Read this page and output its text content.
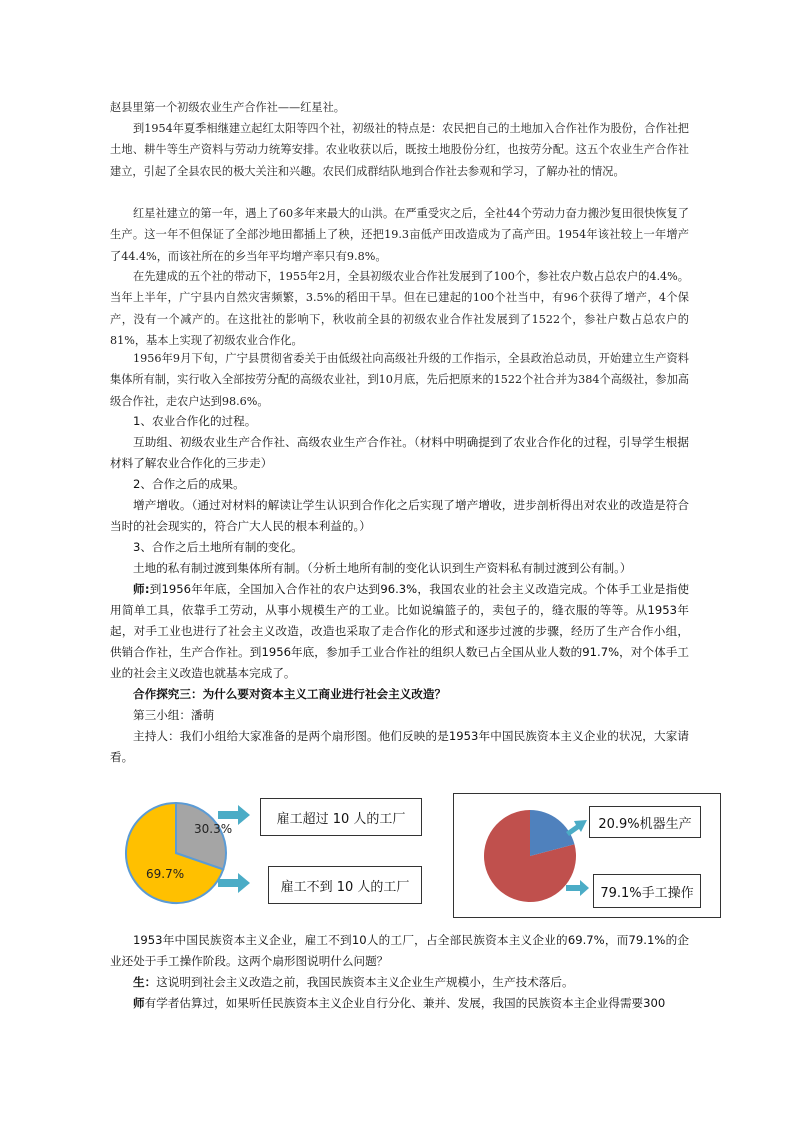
赵县里第一个初级农业生产合作社——红星社。

到1954年夏季相继建立起红太阳等四个社，初级社的特点是：农民把自己的土地加入合作社作为股份，合作社把土地、耕牛等生产资料与劳动力统筹安排。农业收获以后，既按土地股份分红，也按劳分配。这五个农业生产合作社建立，引起了全县农民的极大关注和兴趣。农民们成群结队地到合作社去参观和学习，了解办社的情况。

红星社建立的第一年，遇上了60多年来最大的山洪。在严重受灾之后，全社44个劳动力奋力搬沙复田很快恢复了生产。这一年不但保证了全部沙地田都插上了秧，还把19.3亩低产田改造成为了高产田。1954年该社较上一年增产了44.4%，而该社所在的乡当年平均增产率只有9.8%。

在先建成的五个社的带动下，1955年2月，全县初级农业合作社发展到了100个，参社农户数占总农户的4.4%。当年上半年，广宁县内自然灾害频繁，3.5%的稻田干旱。但在已建起的100个社当中，有96个获得了增产，4个保产，没有一个减产的。在这批社的影响下，秋收前全县的初级农业合作社发展到了1522个，参社户数占总农户的81%，基本上实现了初级农业合作化。

1956年9月下旬，广宁县贯彻省委关于由低级社向高级社升级的工作指示，全县政治总动员，开始建立生产资料集体所有制，实行收入全部按劳分配的高级农业社，到10月底，先后把原来的1522个社合并为384个高级社，参加高级合作社，走农户达到98.6%。

1、农业合作化的过程。

互助组、初级农业生产合作社、高级农业生产合作社。（材料中明确提到了农业合作化的过程，引导学生根据材料了解农业合作化的三步走）

2、合作之后的成果。

增产增收。（通过对材料的解读让学生认识到合作化之后实现了增产增收，进步剖析得出对农业的改造是符合当时的社会现实的，符合广大人民的根本利益的。）

3、合作之后土地所有制的变化。

土地的私有制过渡到集体所有制。（分析土地所有制的变化认识到生产资料私有制过渡到公有制。）

师:到1956年年底，全国加入合作社的农户达到96.3%，我国农业的社会主义改造完成。个体手工业是指使用简单工具，依靠手工劳动，从事小规模生产的工业。比如说编篮子的，卖包子的，缝衣服的等等。从1953年起，对手工业也进行了社会主义改造，改造也采取了走合作化的形式和逐步过渡的步骤，经历了生产合作小组，供销合作社，生产合作社。到1956年底，参加手工业合作社的组织人数已占全国从业人数的91.7%，对个体手工业的社会主义改造也就基本完成了。

合作探究三：为什么要对资本主义工商业进行社会主义改造？

第三小组：潘萌

主持人：我们小组给大家准备的是两个扇形图。他们反映的是1953年中国民族资本主义企业的状况，大家请看。

30.3%
69.7%
雇工超过 10 人的工厂
雇工不到 10 人的工厂
20.9%机器生产
79.1%手工操作

1953年中国民族资本主义企业，雇工不到10人的工厂，占全部民族资本主义企业的69.7%，而79.1%的企业还处于手工操作阶段。这两个扇形图说明什么问题？

生：这说明到社会主义改造之前，我国民族资本主义企业生产规模小，生产技术落后。

师有学者估算过，如果听任民族资本主义企业自行分化、兼并、发展，我国的民族资本主企业得需要300
